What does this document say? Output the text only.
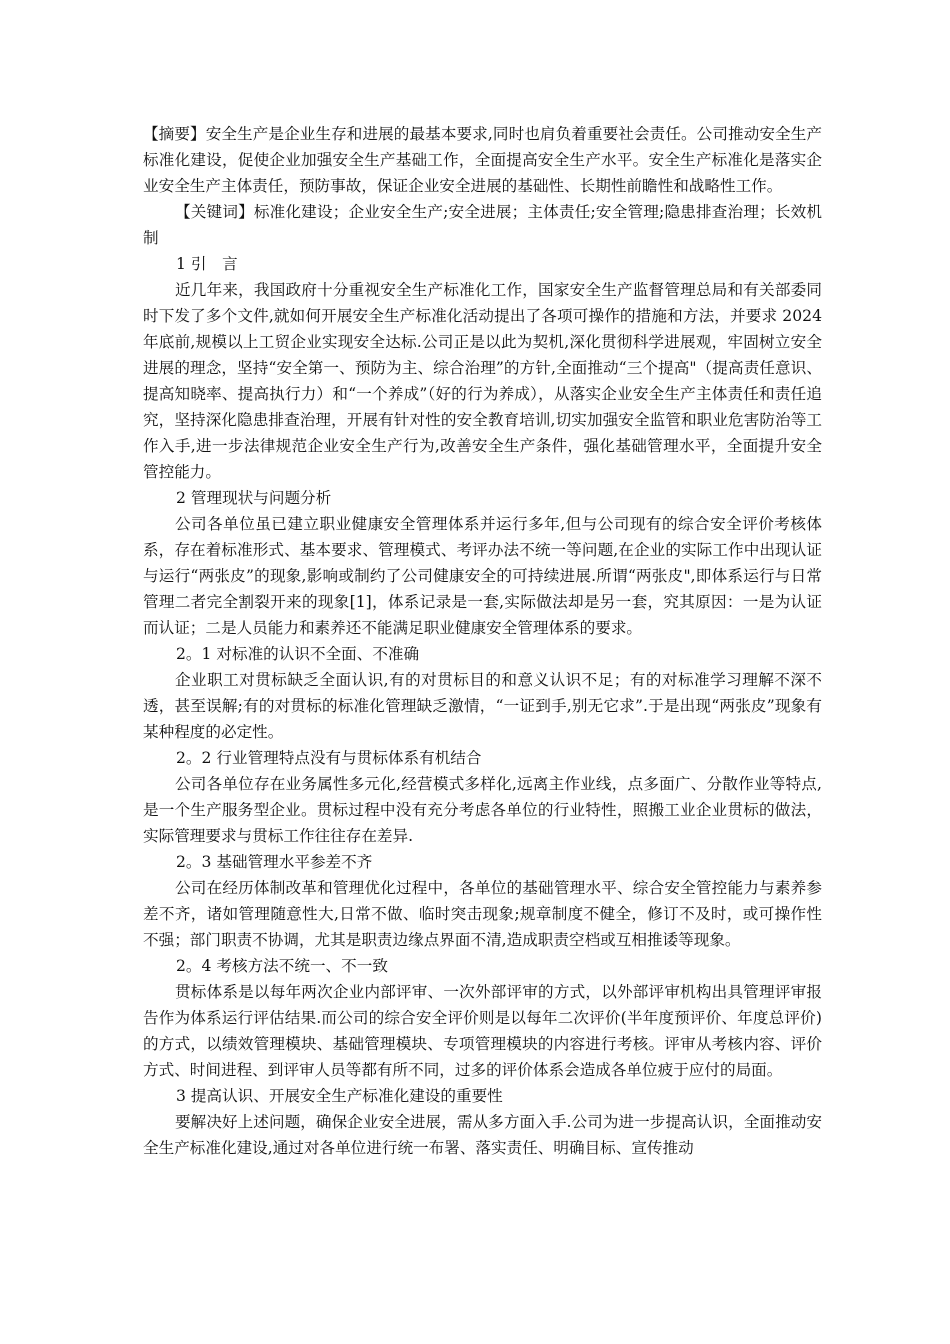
【摘要】安全生产是企业生存和进展的最基本要求,同时也肩负着重要社会责任。公司推动安全生产标准化建设，促使企业加强安全生产基础工作，全面提高安全生产水平。安全生产标准化是落实企业安全生产主体责任，预防事故，保证企业安全进展的基础性、长期性前瞻性和战略性工作。

【关键词】标准化建设；企业安全生产;安全进展；主体责任;安全管理;隐患排查治理；长效机制

1 引　言

近几年来，我国政府十分重视安全生产标准化工作，国家安全生产监督管理总局和有关部委同时下发了多个文件,就如何开展安全生产标准化活动提出了各项可操作的措施和方法，并要求 2024 年底前,规模以上工贸企业实现安全达标.公司正是以此为契机,深化贯彻科学进展观，牢固树立安全进展的理念，坚持“安全第一、预防为主、综合治理”的方针,全面推动“三个提高"（提高责任意识、提高知晓率、提高执行力）和“一个养成”（好的行为养成），从落实企业安全生产主体责任和责任追究，坚持深化隐患排查治理，开展有针对性的安全教育培训,切实加强安全监管和职业危害防治等工作入手,进一步法律规范企业安全生产行为,改善安全生产条件，强化基础管理水平，全面提升安全管控能力。

2 管理现状与问题分析

公司各单位虽已建立职业健康安全管理体系并运行多年,但与公司现有的综合安全评价考核体系，存在着标准形式、基本要求、管理模式、考评办法不统一等问题,在企业的实际工作中出现认证与运行“两张皮”的现象,影响或制约了公司健康安全的可持续进展.所谓“两张皮",即体系运行与日常管理二者完全割裂开来的现象[1]，体系记录是一套,实际做法却是另一套，究其原因：一是为认证而认证；二是人员能力和素养还不能满足职业健康安全管理体系的要求。

2。1 对标准的认识不全面、不准确

企业职工对贯标缺乏全面认识,有的对贯标目的和意义认识不足；有的对标准学习理解不深不透，甚至误解;有的对贯标的标准化管理缺乏激情，“一证到手,别无它求”.于是出现“两张皮”现象有某种程度的必定性。

2。2 行业管理特点没有与贯标体系有机结合

公司各单位存在业务属性多元化,经营模式多样化,远离主作业线，点多面广、分散作业等特点,是一个生产服务型企业。贯标过程中没有充分考虑各单位的行业特性，照搬工业企业贯标的做法，实际管理要求与贯标工作往往存在差异.

2。3 基础管理水平参差不齐

公司在经历体制改革和管理优化过程中，各单位的基础管理水平、综合安全管控能力与素养参差不齐，诸如管理随意性大,日常不做、临时突击现象;规章制度不健全，修订不及时，或可操作性不强；部门职责不协调，尤其是职责边缘点界面不清,造成职责空档或互相推诿等现象。

2。4 考核方法不统一、不一致

贯标体系是以每年两次企业内部评审、一次外部评审的方式，以外部评审机构出具管理评审报告作为体系运行评估结果.而公司的综合安全评价则是以每年二次评价(半年度预评价、年度总评价)的方式，以绩效管理模块、基础管理模块、专项管理模块的内容进行考核。评审从考核内容、评价方式、时间进程、到评审人员等都有所不同，过多的评价体系会造成各单位疲于应付的局面。

3 提高认识、开展安全生产标准化建设的重要性

要解决好上述问题，确保企业安全进展，需从多方面入手.公司为进一步提高认识，全面推动安全生产标准化建设,通过对各单位进行统一布署、落实责任、明确目标、宣传推动
